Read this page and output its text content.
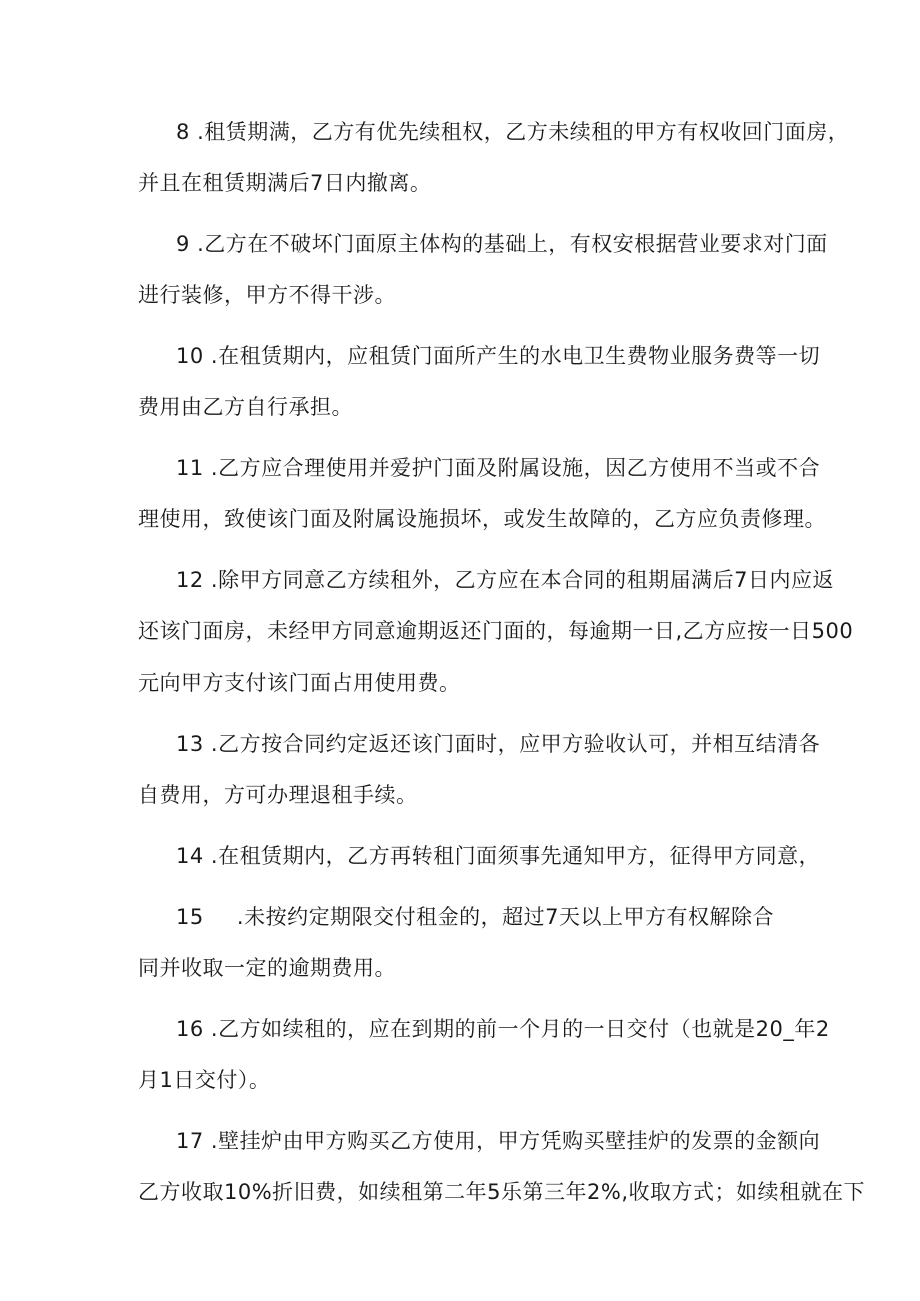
8 .租赁期满，乙方有优先续租权，乙方未续租的甲方有权收回门面房，
并且在租赁期满后7日内撤离。
9 .乙方在不破坏门面原主体构的基础上，有权安根据营业要求对门面
进行装修，甲方不得干涉。
10 .在租赁期内，应租赁门面所产生的水电卫生费物业服务费等一切
费用由乙方自行承担。
11 .乙方应合理使用并爱护门面及附属设施，因乙方使用不当或不合
理使用，致使该门面及附属设施损坏，或发生故障的，乙方应负责修理。
12 .除甲方同意乙方续租外，乙方应在本合同的租期届满后7日内应返
还该门面房，未经甲方同意逾期返还门面的，每逾期一日,乙方应按一日500
元向甲方支付该门面占用使用费。
13 .乙方按合同约定返还该门面时，应甲方验收认可，并相互结清各
自费用，方可办理退租手续。
14 .在租赁期内，乙方再转租门面须事先通知甲方，征得甲方同意，
15 .未按约定期限交付租金的，超过7天以上甲方有权解除合
同并收取一定的逾期费用。
16 .乙方如续租的，应在到期的前一个月的一日交付（也就是20_年2
月1日交付）。
17 .壁挂炉由甲方购买乙方使用，甲方凭购买壁挂炉的发票的金额向
乙方收取10%折旧费，如续租第二年5乐第三年2%,收取方式；如续租就在下
